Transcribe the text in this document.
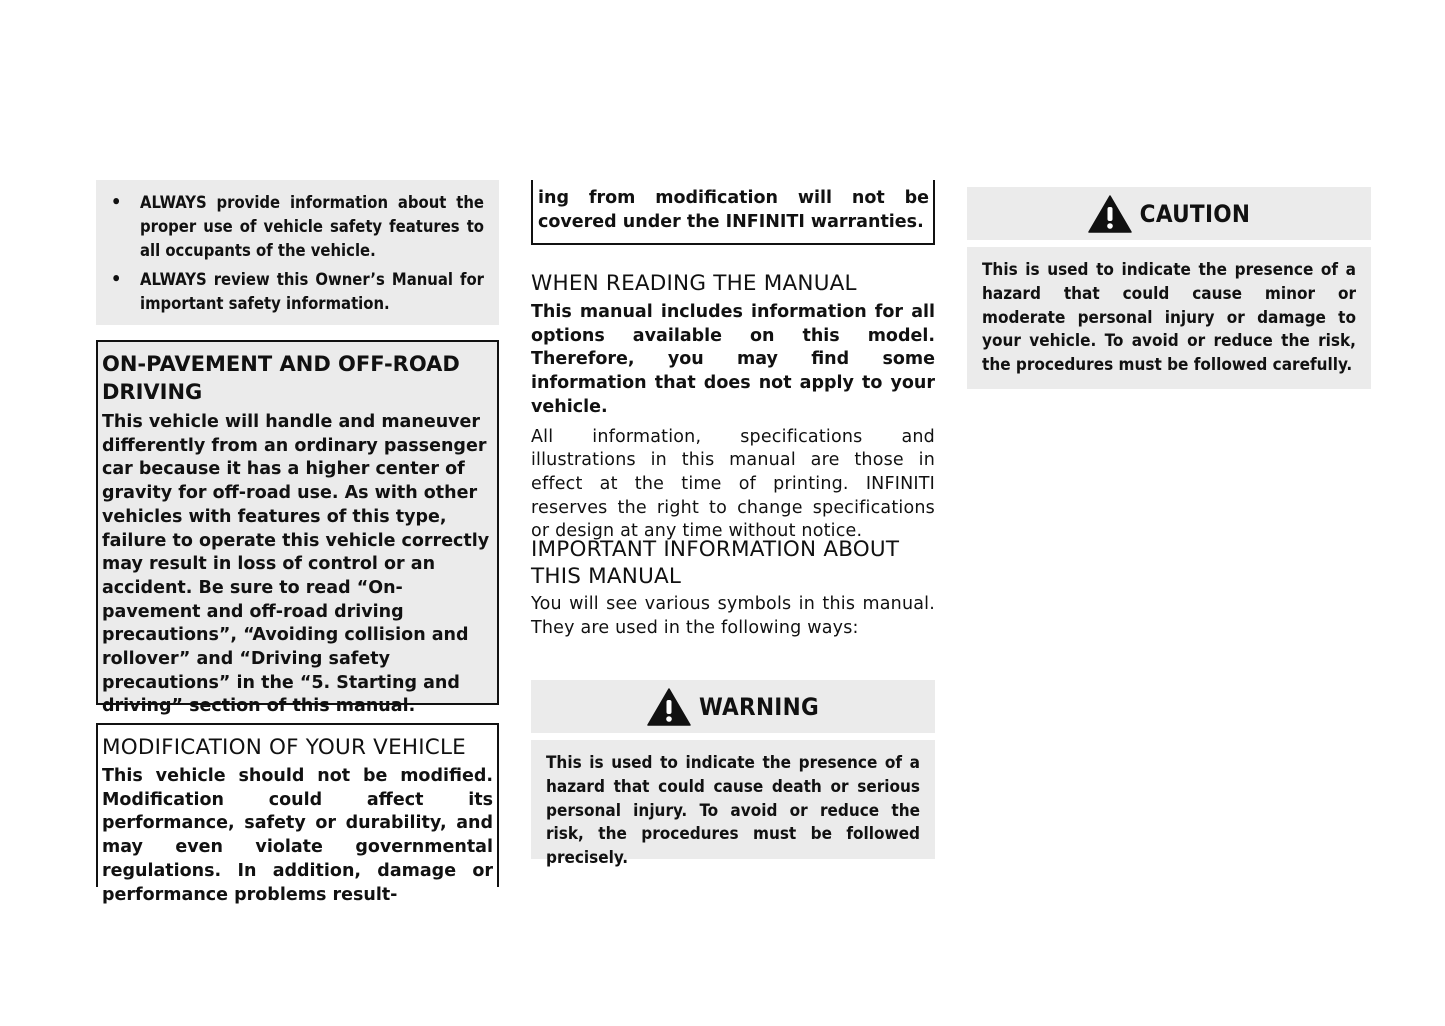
•	ALWAYS provide information about the proper use of vehicle safety features to all occupants of the vehicle.
•	ALWAYS review this Owner’s Manual for important safety information.
ON-PAVEMENT AND OFF-ROAD DRIVING

This vehicle will handle and maneuver differently from an ordinary passenger car because it has a higher center of gravity for off-road use. As with other vehicles with features of this type, failure to operate this vehicle correctly may result in loss of control or an accident. Be sure to read “On-pavement and off-road driving precautions”, “Avoiding collision and rollover” and “Driving safety precautions” in the “5. Starting and driving” section of this manual.

MODIFICATION OF YOUR VEHICLE

This vehicle should not be modified. Modification could affect its performance, safety or durability, and may even violate governmental regulations. In addition, damage or performance problems result-

ing from modification will not be covered under the INFINITI warranties.

WHEN READING THE MANUAL

This manual includes information for all options available on this model. Therefore, you may find some information that does not apply to your vehicle.

All information, specifications and illustrations in this manual are those in effect at the time of printing. INFINITI reserves the right to change specifications or design at any time without notice.

IMPORTANT INFORMATION ABOUT THIS MANUAL

You will see various symbols in this manual. They are used in the following ways:

WARNING

This is used to indicate the presence of a hazard that could cause death or serious personal injury. To avoid or reduce the risk, the procedures must be followed precisely.

CAUTION

This is used to indicate the presence of a hazard that could cause minor or moderate personal injury or damage to your vehicle. To avoid or reduce the risk, the procedures must be followed carefully.
